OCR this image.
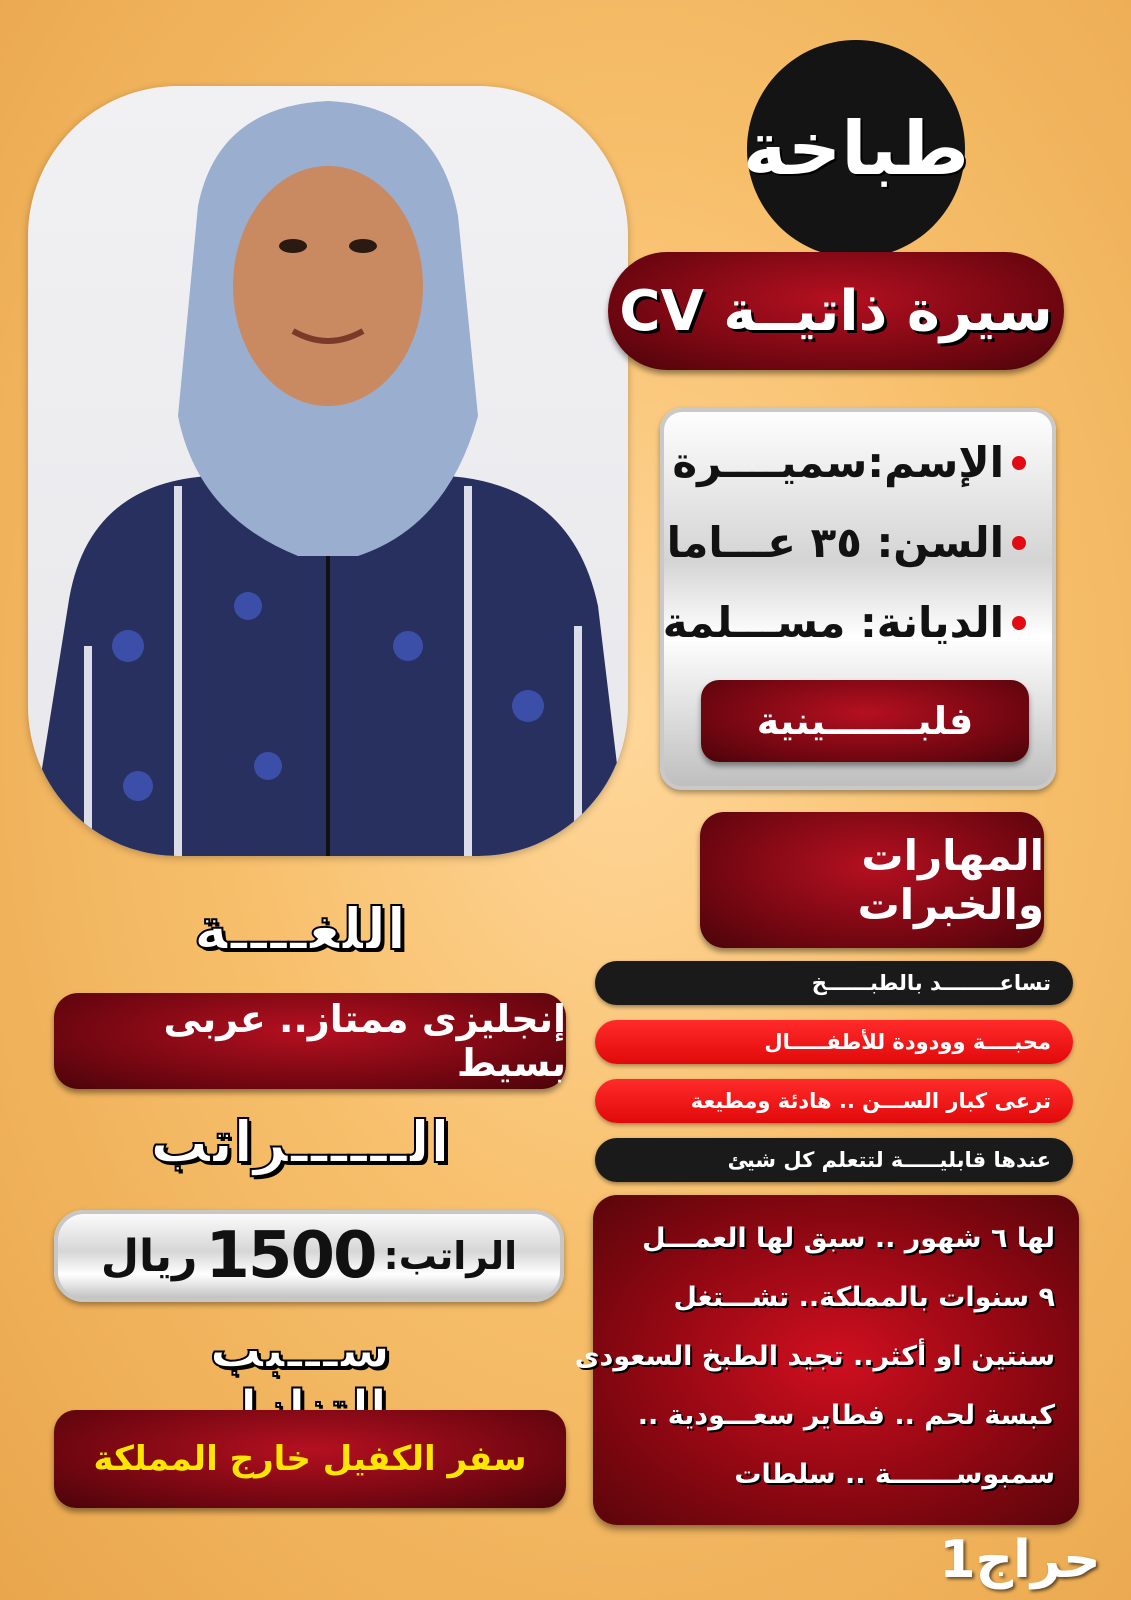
طباخة
سيرة ذاتيــة CV
الإسم:سميــــرة
السن: ٣٥ عـــاما
الديانة: مســـلمة
فلبـــــــينية
المهارات والخبرات
تساعــــــــد بالطبــــــخ
محبــــة وودودة للأطفـــــال
ترعى كبار الســـن .. هادئة ومطيعة
عندها قابليـــــة لتتعلم كل شيئ
لها ٦ شهور .. سبق لها العمـــل
٩ سنوات بالمملكة.. تشـــتغل
سنتين او أكثر.. تجيد الطبخ السعودى
كبسة لحم .. فطاير سعـــودية ..
سمبوســـــــة .. سلطات
اللغــــة
إنجليزى ممتاز.. عربى بسيط
الــــــراتب
الراتب:
1500
ريال
ســـبب
سفر الكفيل خارج المملكة
حراج1
